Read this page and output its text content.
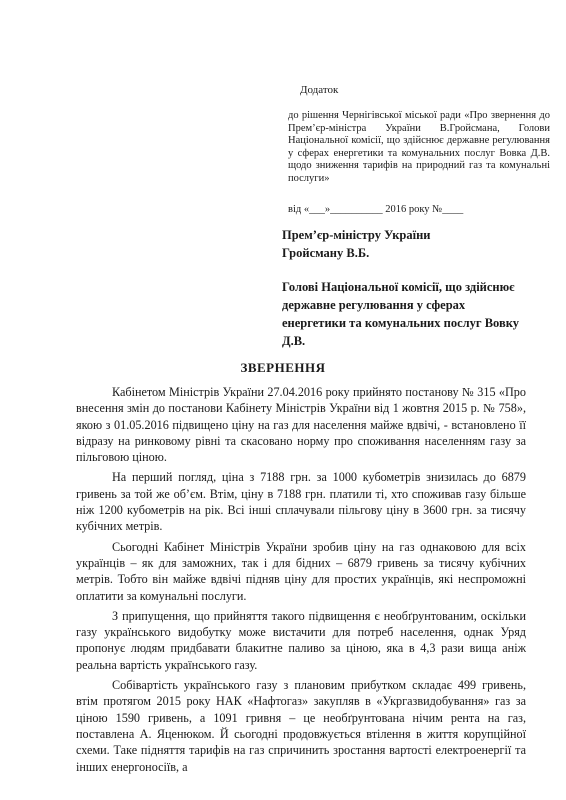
Додаток
до рішення Чернігівської міської ради «Про звернення до Прем’єр-міністра України В.Гройсмана, Голови Національної комісії, що здійснює державне регулювання у сферах енергетики та комунальних послуг Вовка Д.В. щодо зниження тарифів на природний газ та комунальні послуги»
від «___»__________ 2016 року №____
Прем’єр-міністру України Гройсману В.Б.
Голові Національної комісії, що здійснює державне регулювання у сферах енергетики та комунальних послуг Вовку Д.В.
ЗВЕРНЕННЯ

Кабінетом Міністрів України 27.04.2016 року прийнято постанову № 315 «Про внесення змін до постанови Кабінету Міністрів України від 1 жовтня 2015 р. № 758», якою з 01.05.2016 підвищено ціну на газ для населення майже вдвічі, - встановлено її відразу на ринковому рівні та скасовано норму про споживання населенням газу за пільговою ціною.

На перший погляд, ціна з 7188 грн. за 1000 кубометрів знизилась до 6879 гривень за той же об’єм. Втім, ціну в 7188 грн. платили ті, хто споживав газу більше ніж 1200 кубометрів на рік. Всі інші сплачували пільгову ціну в 3600 грн. за тисячу кубічних метрів.

Сьогодні Кабінет Міністрів України зробив ціну на газ однаковою для всіх українців – як для заможних, так і для бідних – 6879 гривень за тисячу кубічних метрів. Тобто він майже вдвічі підняв ціну для простих українців, які неспроможні оплатити за комунальні послуги.

З припущення, що прийняття такого підвищення є необґрунтованим, оскільки газу українського видобутку може вистачити для потреб населення, однак Уряд пропонує людям придбавати блакитне паливо за ціною, яка в 4,3 рази вища аніж реальна вартість українського газу.

Собівартість українського газу з плановим прибутком складає 499 гривень, втім протягом 2015 року НАК «Нафтогаз» закупляв в «Укргазвидобування» газ за ціною 1590 гривень, а 1091 гривня – це необґрунтована нічим рента на газ, поставлена А. Яценюком. Й сьогодні продовжується втілення в життя корупційної схеми. Таке підняття тарифів на газ спричинить зростання вартості електроенергії та інших енергоносіїв, а
